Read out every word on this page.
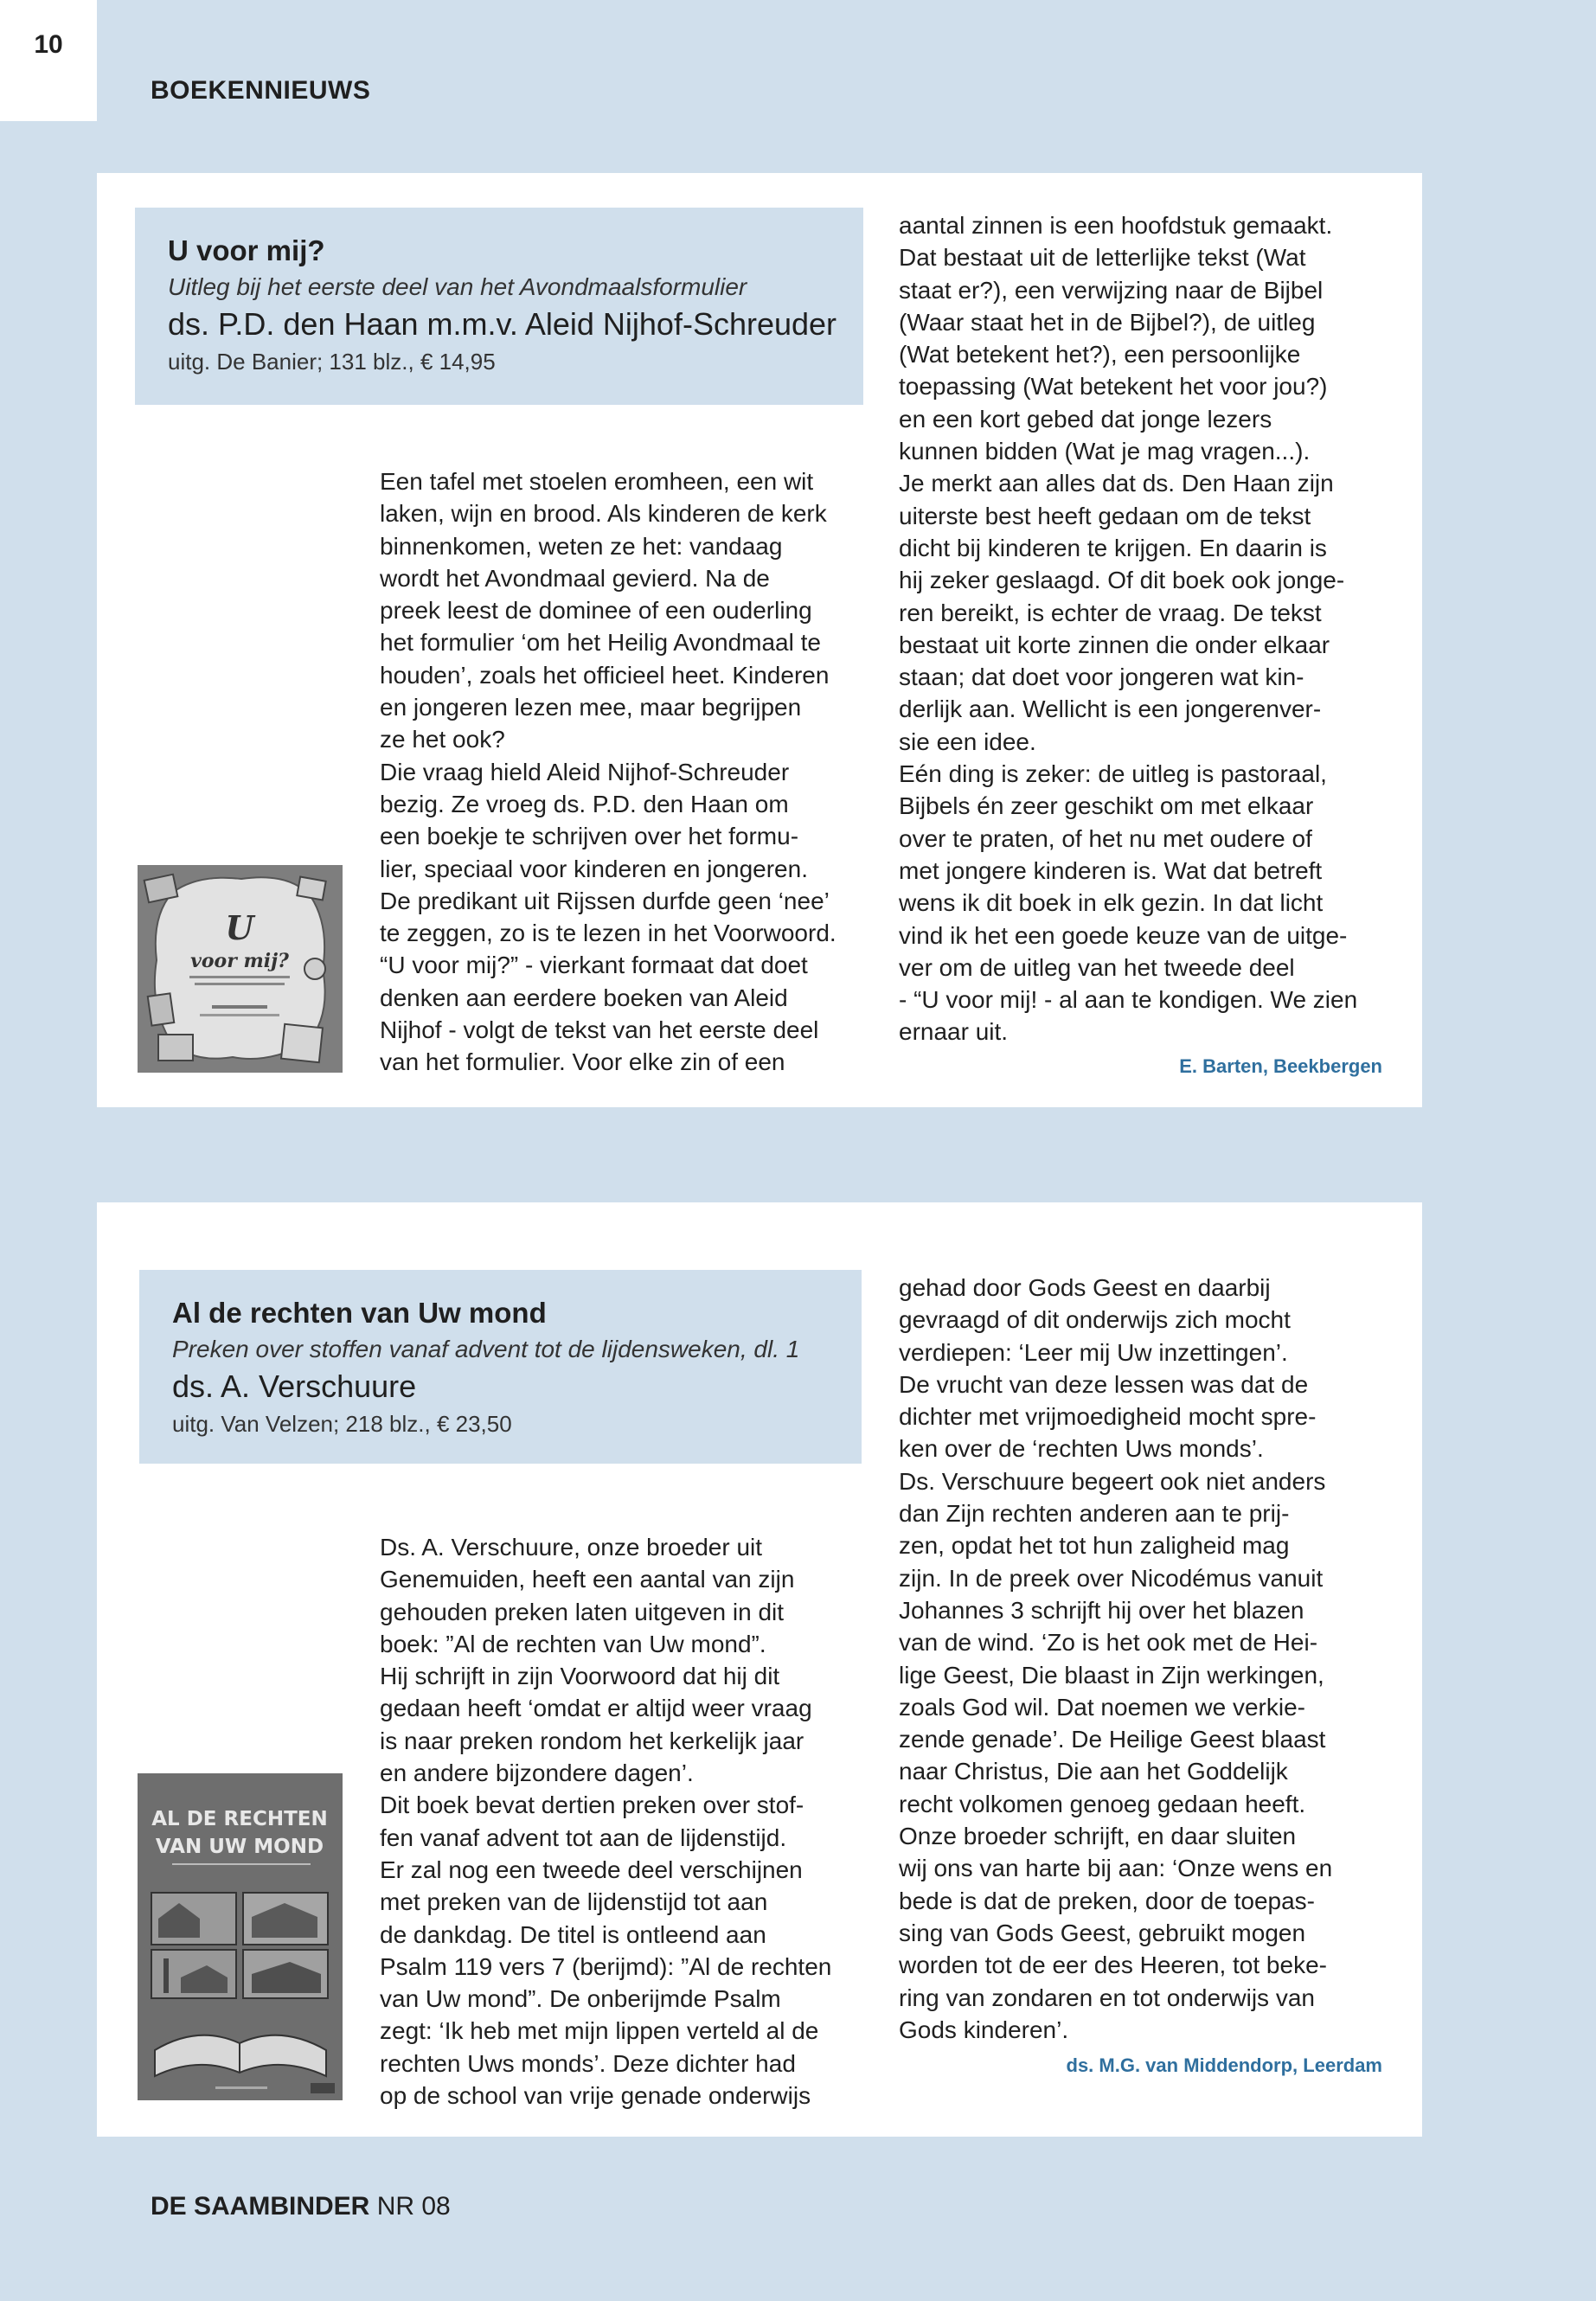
10
BOEKENNIEUWS
U voor mij?
Uitleg bij het eerste deel van het Avondmaalsformulier
ds. P.D. den Haan m.m.v. Aleid Nijhof-Schreuder
uitg. De Banier; 131 blz., € 14,95
U
voor mij?
Een tafel met stoelen eromheen, een wit
laken, wijn en brood. Als kinderen de kerk
binnenkomen, weten ze het: vandaag
wordt het Avondmaal gevierd. Na de
preek leest de dominee of een ouderling
het formulier ‘om het Heilig Avondmaal te
houden’, zoals het officieel heet. Kinderen
en jongeren lezen mee, maar begrijpen
ze het ook?
Die vraag hield Aleid Nijhof-Schreuder
bezig. Ze vroeg ds. P.D. den Haan om
een boekje te schrijven over het formu-
lier, speciaal voor kinderen en jongeren.
De predikant uit Rijssen durfde geen ‘nee’
te zeggen, zo is te lezen in het Voorwoord.
“U voor mij?” - vierkant formaat dat doet
denken aan eerdere boeken van Aleid
Nijhof - volgt de tekst van het eerste deel
van het formulier. Voor elke zin of een
aantal zinnen is een hoofdstuk gemaakt.
Dat bestaat uit de letterlijke tekst (Wat
staat er?), een verwijzing naar de Bijbel
(Waar staat het in de Bijbel?), de uitleg
(Wat betekent het?), een persoonlijke
toepassing (Wat betekent het voor jou?)
en een kort gebed dat jonge lezers
kunnen bidden (Wat je mag vragen...).
Je merkt aan alles dat ds. Den Haan zijn
uiterste best heeft gedaan om de tekst
dicht bij kinderen te krijgen. En daarin is
hij zeker geslaagd. Of dit boek ook jonge-
ren bereikt, is echter de vraag. De tekst
bestaat uit korte zinnen die onder elkaar
staan; dat doet voor jongeren wat kin-
derlijk aan. Wellicht is een jongerenver-
sie een idee.
Eén ding is zeker: de uitleg is pastoraal,
Bijbels én zeer geschikt om met elkaar
over te praten, of het nu met oudere of
met jongere kinderen is. Wat dat betreft
wens ik dit boek in elk gezin. In dat licht
vind ik het een goede keuze van de uitge-
ver om de uitleg van het tweede deel
- “U voor mij! - al aan te kondigen. We zien
ernaar uit.
E. Barten, Beekbergen
Al de rechten van Uw mond
Preken over stoffen vanaf advent tot de lijdensweken, dl. 1
ds. A. Verschuure
uitg. Van Velzen; 218 blz., € 23,50
AL DE RECHTEN
VAN UW MOND
Ds. A. Verschuure, onze broeder uit
Genemuiden, heeft een aantal van zijn
gehouden preken laten uitgeven in dit
boek: ”Al de rechten van Uw mond”.
Hij schrijft in zijn Voorwoord dat hij dit
gedaan heeft ‘omdat er altijd weer vraag
is naar preken rondom het kerkelijk jaar
en andere bijzondere dagen’.
Dit boek bevat dertien preken over stof-
fen vanaf advent tot aan de lijdenstijd.
Er zal nog een tweede deel verschijnen
met preken van de lijdenstijd tot aan
de dankdag. De titel is ontleend aan
Psalm 119 vers 7 (berijmd): ”Al de rechten
van Uw mond”. De onberijmde Psalm
zegt: ‘Ik heb met mijn lippen verteld al de
rechten Uws monds’. Deze dichter had
op de school van vrije genade onderwijs
gehad door Gods Geest en daarbij
gevraagd of dit onderwijs zich mocht
verdiepen: ‘Leer mij Uw inzettingen’.
De vrucht van deze lessen was dat de
dichter met vrijmoedigheid mocht spre-
ken over de ‘rechten Uws monds’.
Ds. Verschuure begeert ook niet anders
dan Zijn rechten anderen aan te prij-
zen, opdat het tot hun zaligheid mag
zijn. In de preek over Nicodémus vanuit
Johannes 3 schrijft hij over het blazen
van de wind. ‘Zo is het ook met de Hei-
lige Geest, Die blaast in Zijn werkingen,
zoals God wil. Dat noemen we verkie-
zende genade’. De Heilige Geest blaast
naar Christus, Die aan het Goddelijk
recht volkomen genoeg gedaan heeft.
Onze broeder schrijft, en daar sluiten
wij ons van harte bij aan: ‘Onze wens en
bede is dat de preken, door de toepas-
sing van Gods Geest, gebruikt mogen
worden tot de eer des Heeren, tot beke-
ring van zondaren en tot onderwijs van
Gods kinderen’.
ds. M.G. van Middendorp, Leerdam
DE SAAMBINDER NR 08
